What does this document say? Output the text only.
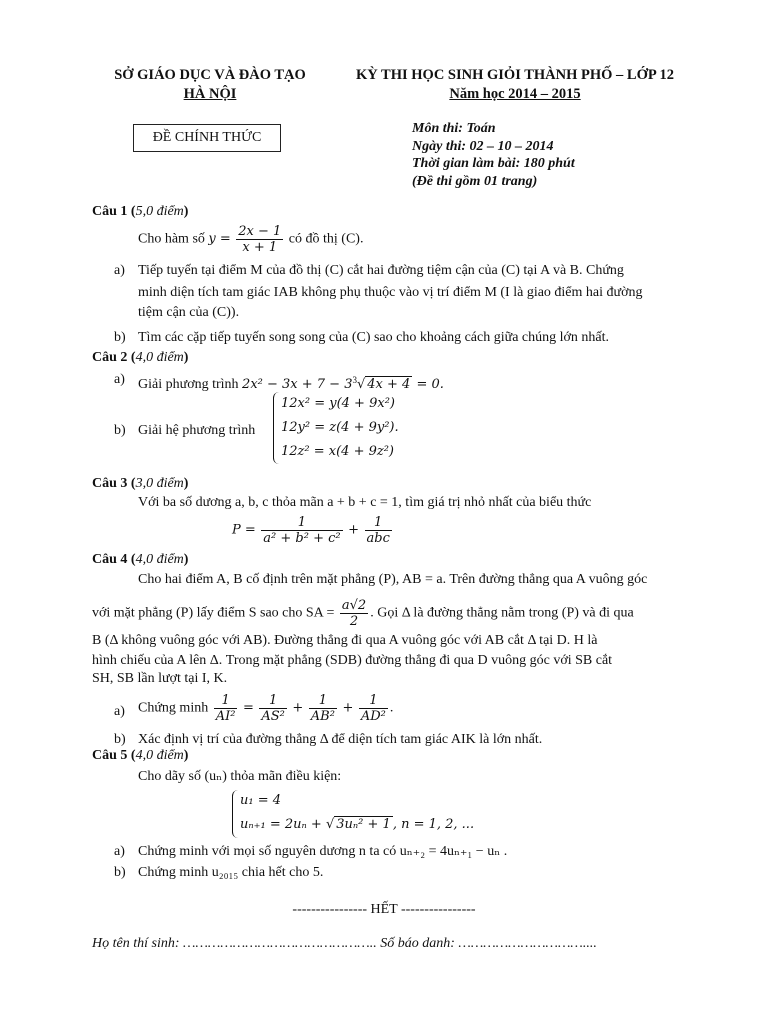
SỞ GIÁO DỤC VÀ ĐÀO TẠO
HÀ NỘI
KỲ THI HỌC SINH GIỎI THÀNH PHỐ – LỚP 12
Năm học 2014 – 2015
ĐỀ CHÍNH THỨC
Môn thi: Toán
Ngày thi: 02 – 10 – 2014
Thời gian làm bài: 180 phút
(Đề thi gồm 01 trang)
Câu 1 (5,0 điểm)
Cho hàm số $y = \frac{2x - 1}{x + 1}$ có đồ thị (C).
a) Tiếp tuyến tại điểm M của đồ thị (C) cắt hai đường tiệm cận của (C) tại A và B. Chứng
minh diện tích tam giác IAB không phụ thuộc vào vị trí điểm M (I là giao điểm hai đường
tiệm cận của (C)).
b) Tìm các cặp tiếp tuyến song song của (C) sao cho khoảng cách giữa chúng lớn nhất.
Câu 2 (4,0 điểm)
a) Giải phương trình $2x^2 - 3x + 7 - 3^3√$ 4x + 4 = 0.
b) Giải hệ phương trình
12x² = y(4 + 9x²)
12y² = z(4 + 9y²).
12z² = x(4 + 9z²)
Câu 3 (3,0 điểm)
Với ba số dương a, b, c thỏa mãn a + b + c = 1, tìm giá trị nhỏ nhất của biểu thức
$P = \frac{1}{\text{a² + b² + c²}} + \frac{1}{\text{abc}}$
Câu 4 (4,0 điểm)
Cho hai điểm A, B cố định trên mặt phẳng (P), AB = a. Trên đường thẳng qua A vuông góc
với mặt phẳng (P) lấy điểm S sao cho SA = $\frac{a√2}{2}$ . Gọi Δ là đường thẳng nằm trong (P) và đi qua
B (Δ không vuông góc với AB). Đường thẳng đi qua A vuông góc với AB cắt Δ tại D. H là
hình chiếu của A lên Δ. Trong mặt phẳng (SDB) đường thẳng đi qua D vuông góc với SB cắt
SH, SB lần lượt tại I, K.
a) Chứng minh $\frac{1}{\text{AI²}} = \frac{1}{\text{AS²}} + \frac{1}{\text{AB²}} + \frac{1}{\text{AD²}}$ .
b) Xác định vị trí của đường thẳng Δ để diện tích tam giác AIK là lớn nhất.
Câu 5 (4,0 điểm)
Cho dãy số (uₙ) thỏa mãn điều kiện:
u₁ = 4
uₙ₊₁ = 2uₙ + √ 3uₙ² + 1 , n = 1, 2, ...
a) Chứng minh với mọi số nguyên dương n ta có uₙ₊₂ = 4uₙ₊₁ − uₙ .
b) Chứng minh u₂₀₁₅ chia hết cho 5.
---------------- HẾT ----------------
Họ tên thí sinh: ……………………………………….. Số báo danh: …………………………....
